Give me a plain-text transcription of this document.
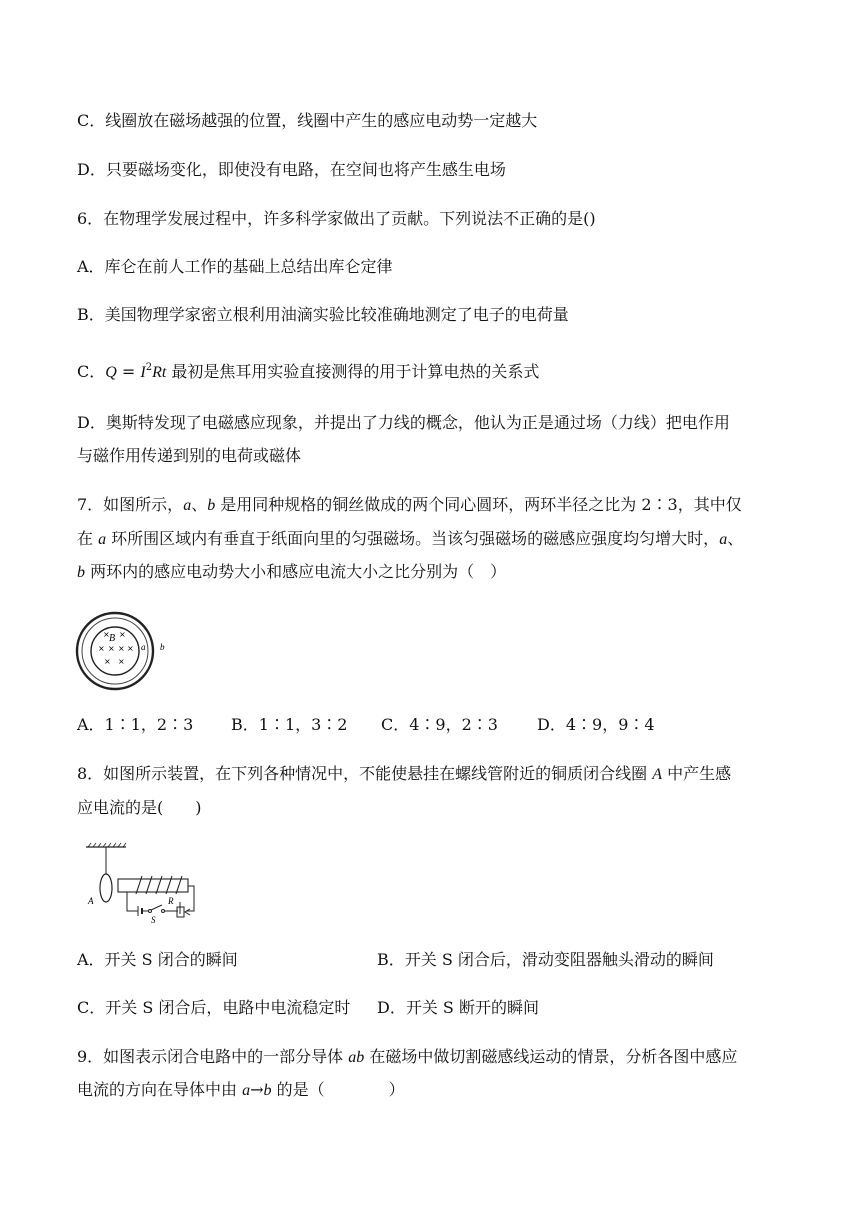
C．线圈放在磁场越强的位置，线圈中产生的感应电动势一定越大
D．只要磁场变化，即使没有电路，在空间也将产生感生电场
6．在物理学发展过程中，许多科学家做出了贡献。下列说法不正确的是()
A．库仑在前人工作的基础上总结出库仑定律
B．美国物理学家密立根利用油滴实验比较准确地测定了电子的电荷量
C．$Q = I^2Rt$ 最初是焦耳用实验直接测得的用于计算电热的关系式
D．奥斯特发现了电磁感应现象，并提出了力线的概念，他认为正是通过场（力线）把电作用
与磁作用传递到别的电荷或磁体
7．如图所示，a、b 是用同种规格的铜丝做成的两个同心圆环，两环半径之比为 2∶3，其中仅
在 a 环所围区域内有垂直于纸面向里的匀强磁场。当该匀强磁场的磁感应强度均匀增大时，a、
b 两环内的感应电动势大小和感应电流大小之比分别为（　）
B
× ×
× × × ×
× ×
a b
A．1∶1，2∶3 B．1∶1，3∶2 C．4∶9，2∶3 D．4∶9，9∶4
8．如图所示装置，在下列各种情况中，不能使悬挂在螺线管附近的铜质闭合线圈 A 中产生感
应电流的是(　　)
A
S
R
A．开关 S 闭合的瞬间	B．开关 S 闭合后，滑动变阻器触头滑动的瞬间
C．开关 S 闭合后，电路中电流稳定时 D．开关 S 断开的瞬间
9．如图表示闭合电路中的一部分导体 ab 在磁场中做切割磁感线运动的情景，分析各图中感应
电流的方向在导体中由 a→b 的是（　　　　）
